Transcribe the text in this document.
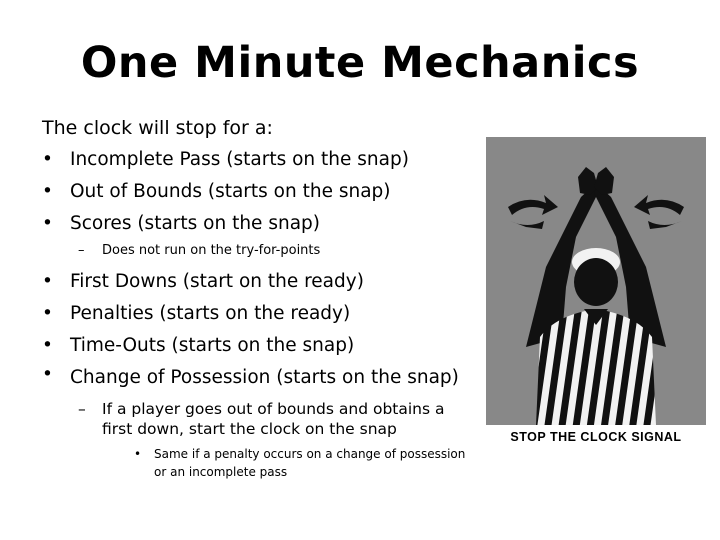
One Minute Mechanics

The clock will stop for a:

• Incomplete Pass (starts on the snap)
• Out of Bounds (starts on the snap)
• Scores (starts on the snap)
– Does not run on the try-for-points
• First Downs (start on the ready)
• Penalties (starts on the ready)
• Time-Outs (starts on the snap)
• Change of Possession (starts on the snap)
– If a player goes out of bounds and obtains a first down, start the clock on the snap
• Same if a penalty occurs on a change of possession or an incomplete pass
STOP THE CLOCK SIGNAL
